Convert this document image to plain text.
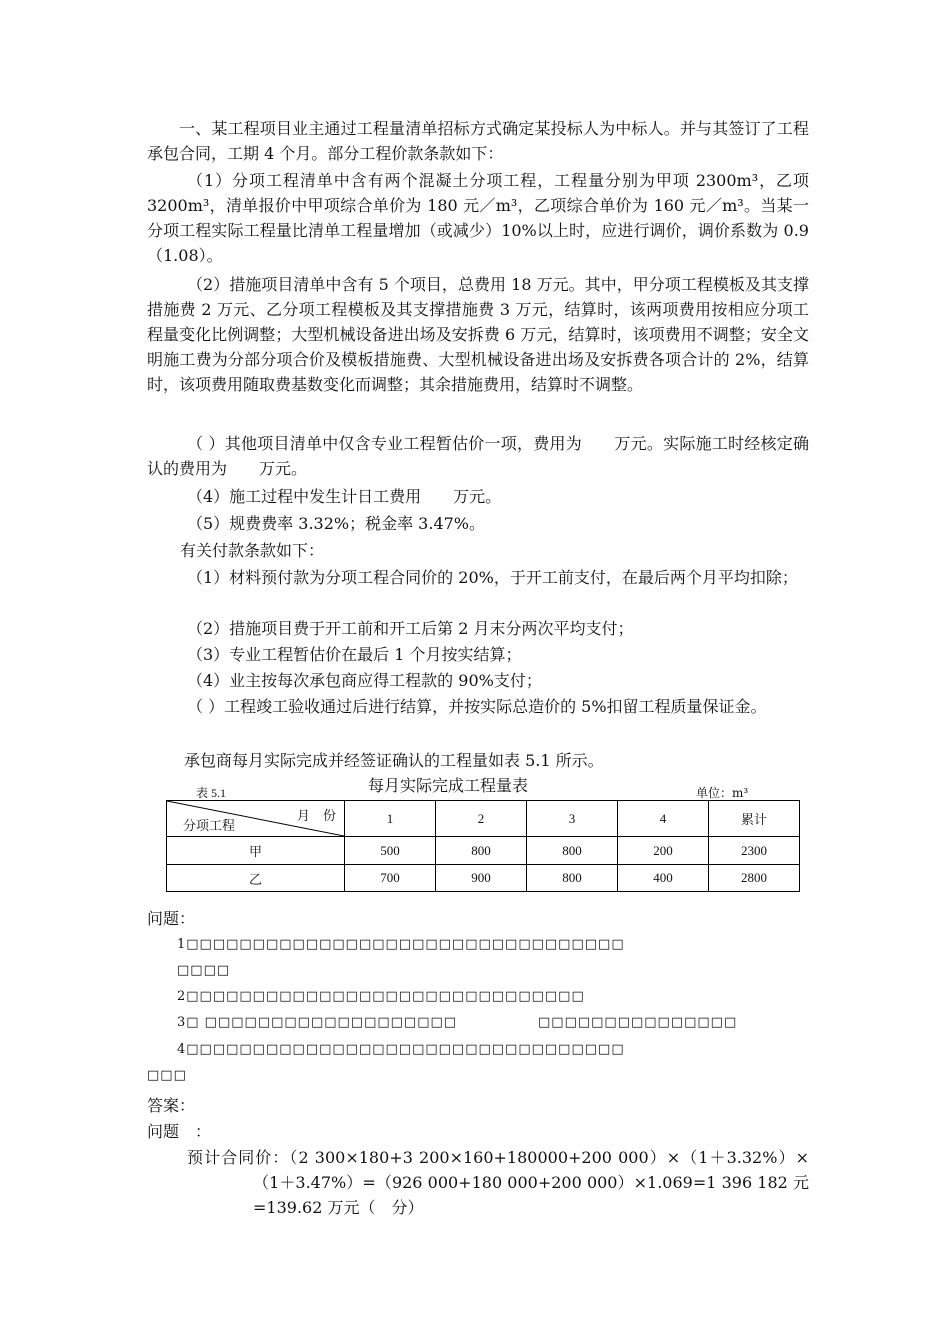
一、某工程项目业主通过工程量清单招标方式确定某投标人为中标人。并与其签订了工程承包合同，工期 4 个月。部分工程价款条款如下：
（1）分项工程清单中含有两个混凝土分项工程，工程量分别为甲项 2300m³，乙项 3200m³，清单报价中甲项综合单价为 180 元／m³，乙项综合单价为 160 元／m³。当某一分项工程实际工程量比清单工程量增加（或减少）10%以上时，应进行调价，调价系数为 0.9（1.08）。
（2）措施项目清单中含有 5 个项目，总费用 18 万元。其中，甲分项工程模板及其支撑措施费 2 万元、乙分项工程模板及其支撑措施费 3 万元，结算时，该两项费用按相应分项工程量变化比例调整；大型机械设备进出场及安拆费 6 万元，结算时，该项费用不调整；安全文明施工费为分部分项合价及模板措施费、大型机械设备进出场及安拆费各项合计的 2%，结算时，该项费用随取费基数变化而调整；其余措施费用，结算时不调整。
（ ）其他项目清单中仅含专业工程暂估价一项，费用为　　万元。实际施工时经核定确认的费用为　　万元。
（4）施工过程中发生计日工费用　　万元。
（5）规费费率 3.32%；税金率 3.47%。
有关付款条款如下：
（1）材料预付款为分项工程合同价的 20%，于开工前支付，在最后两个月平均扣除；
（2）措施项目费于开工前和开工后第 2 月末分两次平均支付；
（3）专业工程暂估价在最后 1 个月按实结算；
（4）业主按每次承包商应得工程款的 90%支付；
（ ）工程竣工验收通过后进行结算，并按实际总造价的 5%扣留工程质量保证金。
承包商每月实际完成并经签证确认的工程量如表 5.1 所示。
表 5.1	每月实际完成工程量表	单位：m³
月　份
分项工程	1	2	3	4	累计
甲	500	800	800	200	2300
乙	700	900	800	400	2800
问题：
1□□□□□□□□□□□□□□□□□□□□□□□□□□□□□□□□□
□□□□
2□□□□□□□□□□□□□□□□□□□□□□□□□□□□□□
3□ □□□□□□□□□□□□□□□□□□□	□□□□□□□□□□□□□□□
4□□□□□□□□□□□□□□□□□□□□□□□□□□□□□□□□□
□□□
答案：
问题　：
预计合同价：（2 300×180+3 200×160+180000+200 000）×（1＋3.32%）×（1＋3.47%）=（926 000+180 000+200 000）×1.069=1 396 182 元=139.62 万元（　分）
